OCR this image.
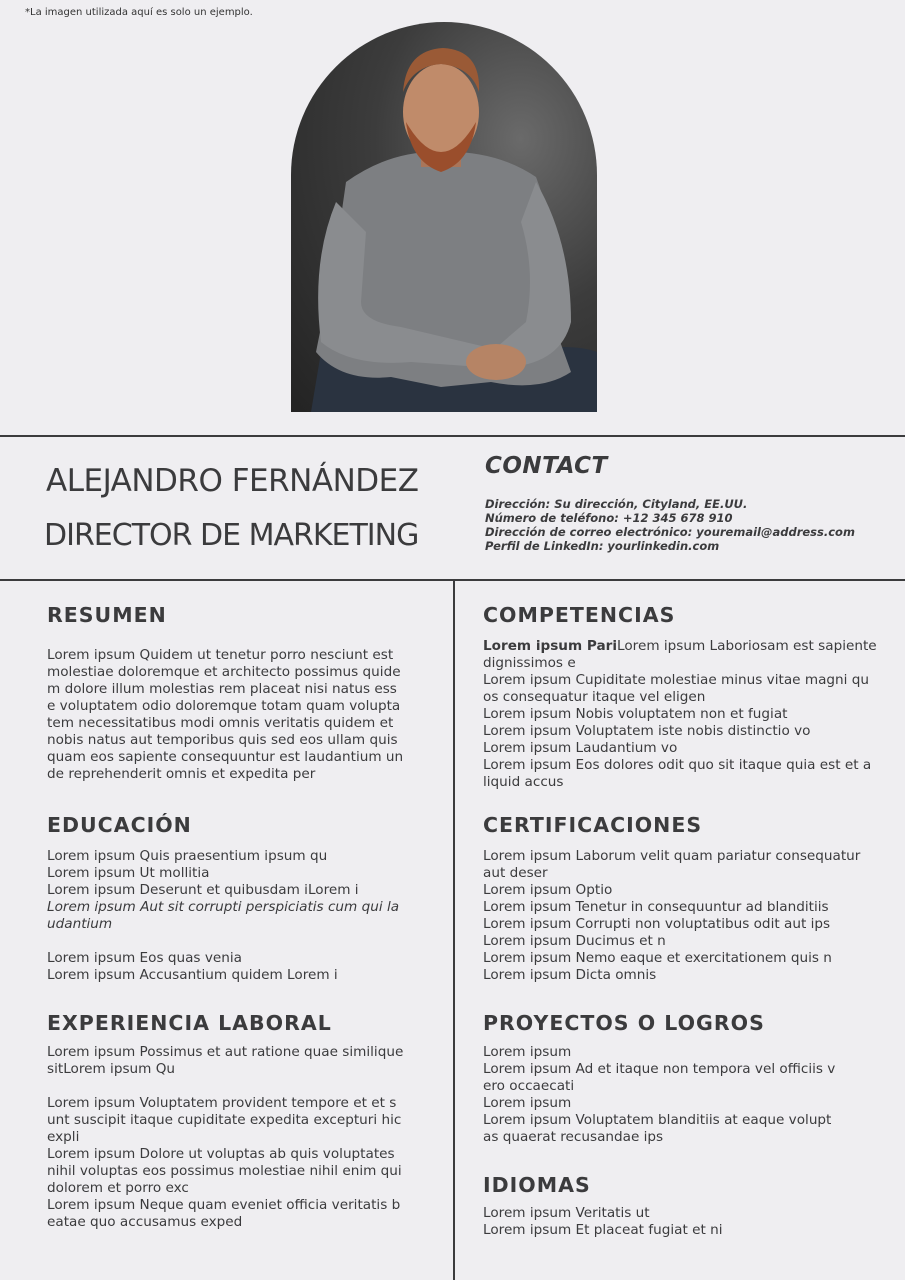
*La imagen utilizada aquí es solo un ejemplo.
ALEJANDRO FERNÁNDEZ
DIRECTOR DE MARKETING
CONTACT
Dirección: Su dirección, Cityland, EE.UU.
Número de teléfono: +12 345 678 910
Dirección de correo electrónico: youremail@address.com
Perfil de LinkedIn: yourlinkedin.com
RESUMEN
Lorem ipsum Quidem ut tenetur porro nesciunt est
molestiae doloremque et architecto possimus quide
m dolore illum molestias rem placeat nisi natus ess
e voluptatem odio doloremque totam quam volupta
tem necessitatibus modi omnis veritatis quidem et
nobis natus aut temporibus quis sed eos ullam quis
quam eos sapiente consequuntur est laudantium un
de reprehenderit omnis et expedita per
EDUCACIÓN
Lorem ipsum Quis praesentium ipsum qu
Lorem ipsum Ut mollitia
Lorem ipsum Deserunt et quibusdam iLorem i
Lorem ipsum Aut sit corrupti perspiciatis cum qui la
udantium
Lorem ipsum Eos quas venia
Lorem ipsum Accusantium quidem Lorem i
EXPERIENCIA LABORAL
Lorem ipsum Possimus et aut ratione quae similique
sitLorem ipsum Qu
Lorem ipsum Voluptatem provident tempore et et s
unt suscipit itaque cupiditate expedita excepturi hic
expli
Lorem ipsum Dolore ut voluptas ab quis voluptates
nihil voluptas eos possimus molestiae nihil enim qui
dolorem et porro exc
Lorem ipsum Neque quam eveniet officia veritatis b
eatae quo accusamus exped
COMPETENCIAS
Lorem ipsum PariLorem ipsum Laboriosam est sapiente
dignissimos e
Lorem ipsum Cupiditate molestiae minus vitae magni qu
os consequatur itaque vel eligen
Lorem ipsum Nobis voluptatem non et fugiat
Lorem ipsum Voluptatem iste nobis distinctio vo
Lorem ipsum Laudantium vo
Lorem ipsum Eos dolores odit quo sit itaque quia est et a
liquid accus
CERTIFICACIONES
Lorem ipsum Laborum velit quam pariatur consequatur
aut deser
Lorem ipsum Optio
Lorem ipsum Tenetur in consequuntur ad blanditiis
Lorem ipsum Corrupti non voluptatibus odit aut ips
Lorem ipsum Ducimus et n
Lorem ipsum Nemo eaque et exercitationem quis n
Lorem ipsum Dicta omnis
PROYECTOS O LOGROS
Lorem ipsum
Lorem ipsum Ad et itaque non tempora vel officiis v
ero occaecati
Lorem ipsum
Lorem ipsum Voluptatem blanditiis at eaque volupt
as quaerat recusandae ips
IDIOMAS
Lorem ipsum Veritatis ut
Lorem ipsum Et placeat fugiat et ni
